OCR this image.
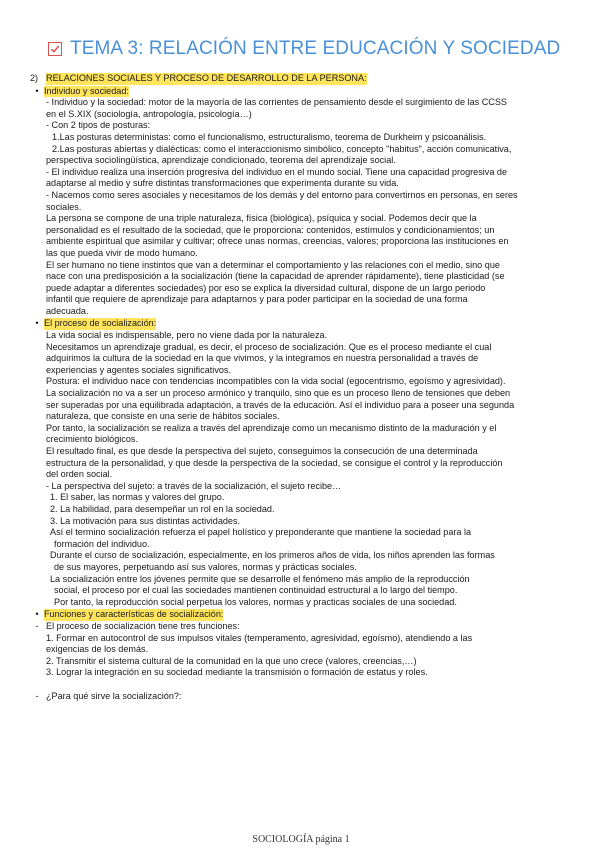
TEMA 3: RELACIÓN ENTRE EDUCACIÓN Y SOCIEDAD
2) RELACIONES SOCIALES Y PROCESO DE DESARROLLO DE LA PERSONA:
• Individuo y sociedad:
- Individuo y la sociedad: motor de la mayoría de las corrientes de pensamiento desde el surgimiento de las CCSS
en el S.XIX (sociología, antropología, psicología…)
- Con 2 tipos de posturas:
1.Las posturas deterministas: como el funcionalismo, estructuralismo, teorema de Durkheim y psicoanálisis.
2.Las posturas abiertas y dialécticas: como el interaccionismo simbólico, concepto "habitus", acción comunicativa,
perspectiva sociolingüística, aprendizaje condicionado, teorema del aprendizaje social.
- El individuo realiza una inserción progresiva del individuo en el mundo social. Tiene una capacidad progresiva de
adaptarse al medio y sufre distintas transformaciones que experimenta durante su vida.
- Nacemos como seres asociales y necesitamos de los demás y del entorno para convertirnos en personas, en seres
sociales.
La persona se compone de una triple naturaleza, física (biológica), psíquica y social. Podemos decir que la
personalidad es el resultado de la sociedad, que le proporciona: contenidos, estímulos y condicionamientos; un
ambiente espiritual que asimilar y cultivar; ofrece unas normas, creencias, valores; proporciona las instituciones en
las que pueda vivir de modo humano.
El ser humano no tiene instintos que van a determinar el comportamiento y las relaciones con el medio, sino que
nace con una predisposición a la socialización (tiene la capacidad de aprender rápidamente), tiene plasticidad (se
puede adaptar a diferentes sociedades) por eso se explica la diversidad cultural, dispone de un largo periodo
infantil que requiere de aprendizaje para adaptarnos y para poder participar en la sociedad de una forma
adecuada.
• El proceso de socialización:
La vida social es indispensable, pero no viene dada por la naturaleza.
Necesitamos un aprendizaje gradual, es decir, el proceso de socialización. Que es el proceso mediante el cual
adquirimos la cultura de la sociedad en la que vivimos, y la integramos en nuestra personalidad a través de
experiencias y agentes sociales significativos.
Postura: el individuo nace con tendencias incompatibles con la vida social (egocentrismo, egoísmo y agresividad).
La socialización no va a ser un proceso armónico y tranquilo, sino que es un proceso lleno de tensiones que deben
ser superadas por una equilibrada adaptación, a través de la educación. Así el individuo para a poseer una segunda
naturaleza, que consiste en una serie de hábitos sociales.
Por tanto, la socialización se realiza a través del aprendizaje como un mecanismo distinto de la maduración y el
crecimiento biológicos.
El resultado final, es que desde la perspectiva del sujeto, conseguimos la consecución de una determinada
estructura de la personalidad, y que desde la perspectiva de la sociedad, se consigue el control y la reproducción
del orden social.
- La perspectiva del sujeto: a través de la socialización, el sujeto recibe…
1. El saber, las normas y valores del grupo.
2. La habilidad, para desempeñar un rol en la sociedad.
3. La motivación para sus distintas actividades.
Así el termino socialización refuerza el papel holístico y preponderante que mantiene la sociedad para la
formación del individuo.
Durante el curso de socialización, especialmente, en los primeros años de vida, los niños aprenden las formas
de sus mayores, perpetuando así sus valores, normas y prácticas sociales.
La socialización entre los jóvenes permite que se desarrolle el fenómeno más amplio de la reproducción
social, el proceso por el cual las sociedades mantienen continuidad estructural a lo largo del tiempo.
Por tanto, la reproducción social perpetua los valores, normas y practicas sociales de una sociedad.
• Funciones y características de socialización:
- El proceso de socialización tiene tres funciones:
1. Formar en autocontrol de sus impulsos vitales (temperamento, agresividad, egoísmo), atendiendo a las
exigencias de los demás.
2. Transmitir el sistema cultural de la comunidad en la que uno crece (valores, creencias,…)
3. Lograr la integración en su sociedad mediante la transmisión o formación de estatus y roles.
- ¿Para qué sirve la socialización?:
SOCIOLOGÍA página 1
